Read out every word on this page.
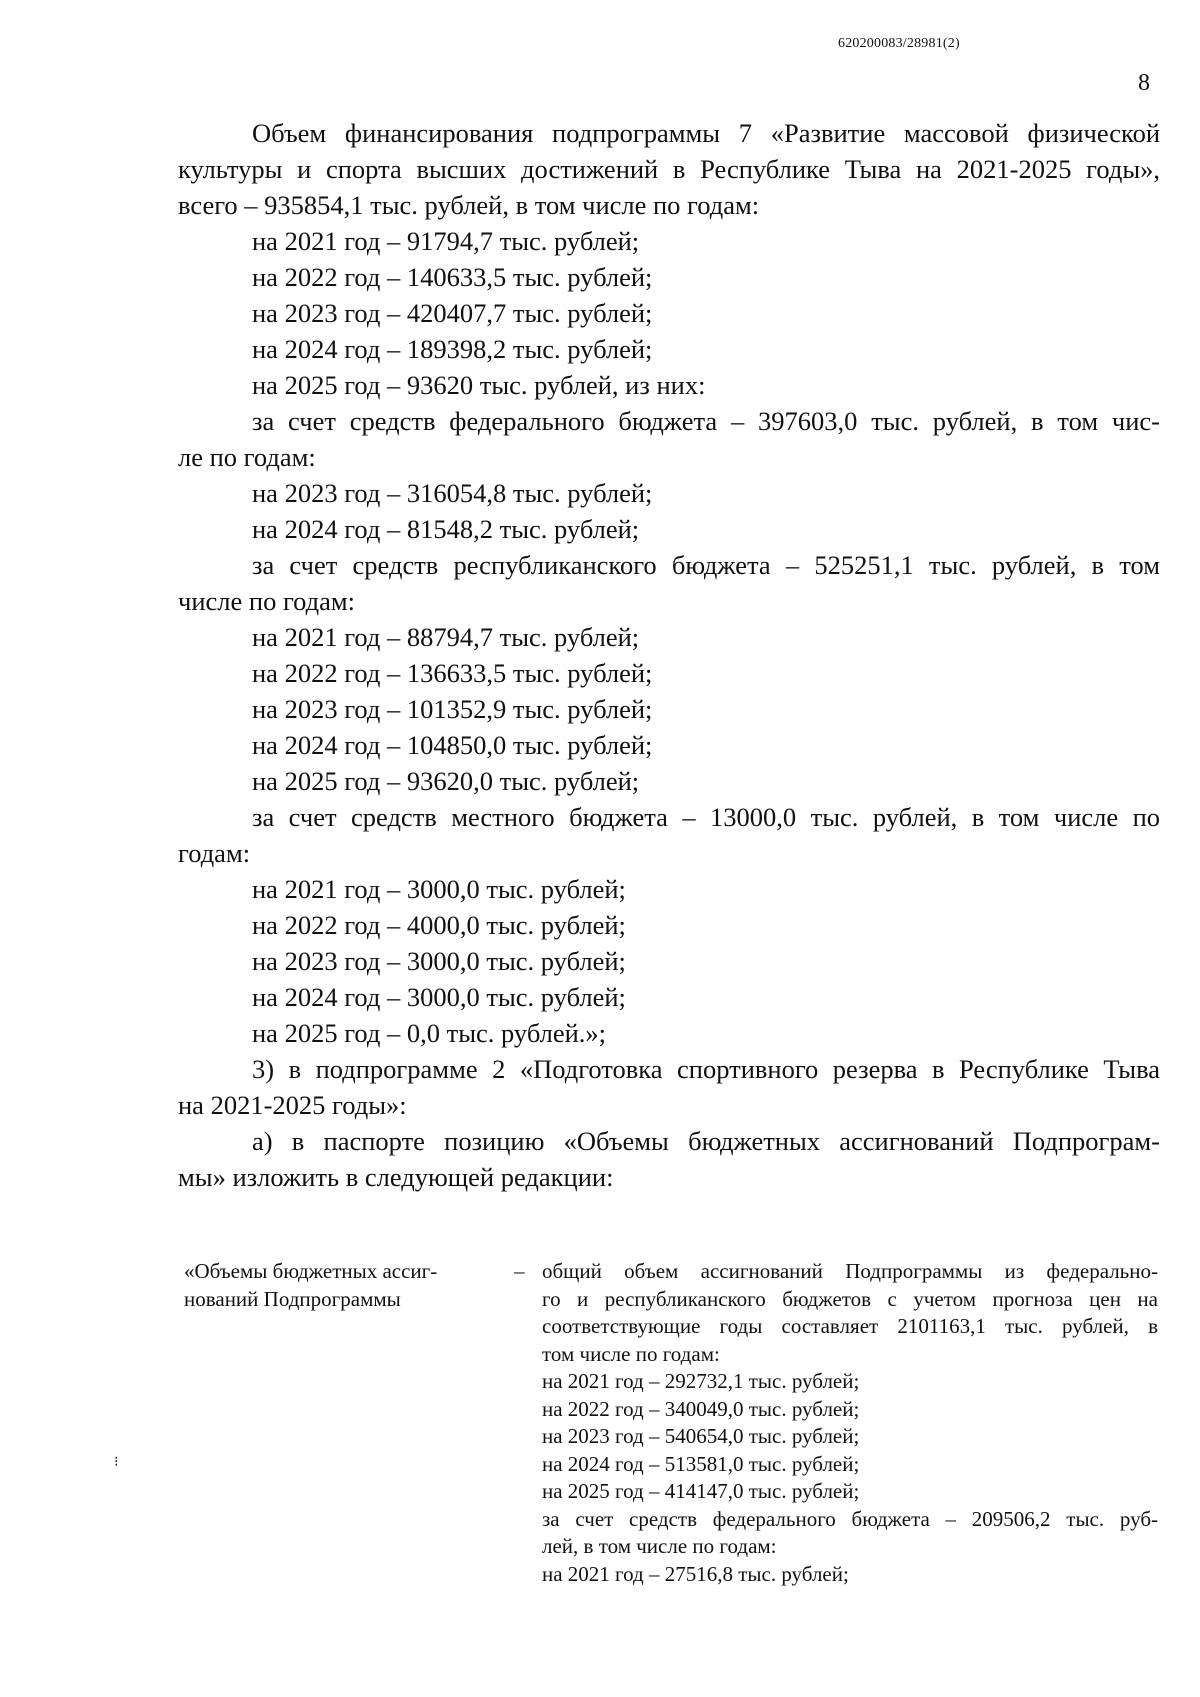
620200083/28981(2)
8

Объем финансирования подпрограммы 7 «Развитие массовой физической

культуры и спорта высших достижений в Республике Тыва на 2021-2025 годы»,

всего – 935854,1 тыс. рублей, в том числе по годам:

на 2021 год – 91794,7 тыс. рублей;

на 2022 год – 140633,5 тыс. рублей;

на 2023 год – 420407,7 тыс. рублей;

на 2024 год – 189398,2 тыс. рублей;

на 2025 год – 93620 тыс. рублей, из них:

за счет средств федерального бюджета – 397603,0 тыс. рублей, в том чис-

ле по годам:

на 2023 год – 316054,8 тыс. рублей;

на 2024 год – 81548,2 тыс. рублей;

за счет средств республиканского бюджета – 525251,1 тыс. рублей, в том

числе по годам:

на 2021 год – 88794,7 тыс. рублей;

на 2022 год – 136633,5 тыс. рублей;

на 2023 год – 101352,9 тыс. рублей;

на 2024 год – 104850,0 тыс. рублей;

на 2025 год – 93620,0 тыс. рублей;

за счет средств местного бюджета – 13000,0 тыс. рублей, в том числе по

годам:

на 2021 год – 3000,0 тыс. рублей;

на 2022 год – 4000,0 тыс. рублей;

на 2023 год – 3000,0 тыс. рублей;

на 2024 год – 3000,0 тыс. рублей;

на 2025 год – 0,0 тыс. рублей.»;

3) в подпрограмме 2 «Подготовка спортивного резерва в Республике Тыва

на 2021-2025 годы»:

а) в паспорте позицию «Объемы бюджетных ассигнований Подпрограм-

мы» изложить в следующей редакции:

«Объемы бюджетных ассиг-

нований Подпрограммы

– общий объем ассигнований Подпрограммы из федерально-

го и республиканского бюджетов с учетом прогноза цен на

соответствующие годы составляет 2101163,1 тыс. рублей, в

том числе по годам:

на 2021 год – 292732,1 тыс. рублей;

на 2022 год – 340049,0 тыс. рублей;

на 2023 год – 540654,0 тыс. рублей;

на 2024 год – 513581,0 тыс. рублей;

на 2025 год – 414147,0 тыс. рублей;

за счет средств федерального бюджета – 209506,2 тыс. руб-

лей, в том числе по годам:

на 2021 год – 27516,8 тыс. рублей;

⁝
